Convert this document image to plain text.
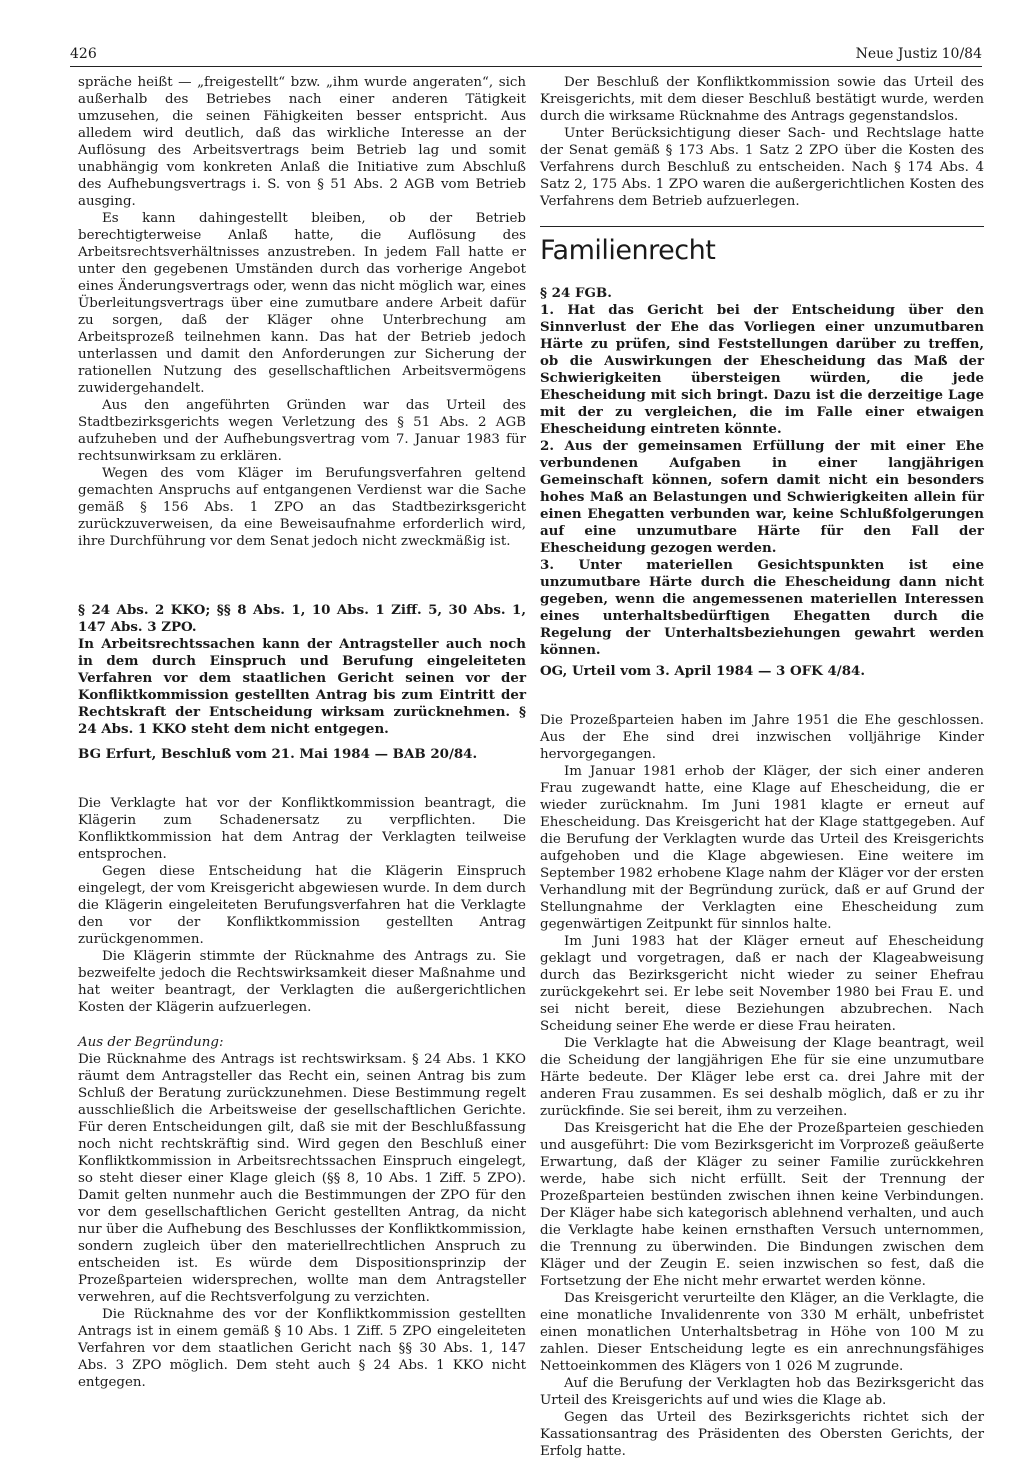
426	Neue Justiz 10/84

spräche heißt — „freigestellt“ bzw. „ihm wurde angeraten“, sich außerhalb des Betriebes nach einer anderen Tätigkeit umzusehen, die seinen Fähigkeiten besser entspricht. Aus alledem wird deutlich, daß das wirkliche Interesse an der Auflösung des Arbeitsvertrags beim Betrieb lag und somit unabhängig vom konkreten Anlaß die Initiative zum Abschluß des Aufhebungsvertrags i. S. von § 51 Abs. 2 AGB vom Betrieb ausging.

Es kann dahingestellt bleiben, ob der Betrieb berechtigterweise Anlaß hatte, die Auflösung des Arbeitsrechtsverhältnisses anzustreben. In jedem Fall hatte er unter den gegebenen Umständen durch das vorherige Angebot eines Änderungsvertrags oder, wenn das nicht möglich war, eines Überleitungsvertrags über eine zumutbare andere Arbeit dafür zu sorgen, daß der Kläger ohne Unterbrechung am Arbeitsprozeß teilnehmen kann. Das hat der Betrieb jedoch unterlassen und damit den Anforderungen zur Sicherung der rationellen Nutzung des gesellschaftlichen Arbeitsvermögens zuwidergehandelt.

Aus den angeführten Gründen war das Urteil des Stadtbezirksgerichts wegen Verletzung des § 51 Abs. 2 AGB aufzuheben und der Aufhebungsvertrag vom 7. Januar 1983 für rechtsunwirksam zu erklären.

Wegen des vom Kläger im Berufungsverfahren geltend gemachten Anspruchs auf entgangenen Verdienst war die Sache gemäß § 156 Abs. 1 ZPO an das Stadtbezirksgericht zurückzuverweisen, da eine Beweisaufnahme erforderlich wird, ihre Durchführung vor dem Senat jedoch nicht zweckmäßig ist.

§ 24 Abs. 2 KKO; §§ 8 Abs. 1, 10 Abs. 1 Ziff. 5, 30 Abs. 1, 147 Abs. 3 ZPO.

In Arbeitsrechtssachen kann der Antragsteller auch noch in dem durch Einspruch und Berufung eingeleiteten Verfahren vor dem staatlichen Gericht seinen vor der Konfliktkommission gestellten Antrag bis zum Eintritt der Rechtskraft der Entscheidung wirksam zurücknehmen. § 24 Abs. 1 KKO steht dem nicht entgegen.

BG Erfurt, Beschluß vom 21. Mai 1984 — BAB 20/84.

Die Verklagte hat vor der Konfliktkommission beantragt, die Klägerin zum Schadenersatz zu verpflichten. Die Konfliktkommission hat dem Antrag der Verklagten teilweise entsprochen.

Gegen diese Entscheidung hat die Klägerin Einspruch eingelegt, der vom Kreisgericht abgewiesen wurde. In dem durch die Klägerin eingeleiteten Berufungsverfahren hat die Verklagte den vor der Konfliktkommission gestellten Antrag zurückgenommen.

Die Klägerin stimmte der Rücknahme des Antrags zu. Sie bezweifelte jedoch die Rechtswirksamkeit dieser Maßnahme und hat weiter beantragt, der Verklagten die außergerichtlichen Kosten der Klägerin aufzuerlegen.

Aus der Begründung:

Die Rücknahme des Antrags ist rechtswirksam. § 24 Abs. 1 KKO räumt dem Antragsteller das Recht ein, seinen Antrag bis zum Schluß der Beratung zurückzunehmen. Diese Bestimmung regelt ausschließlich die Arbeitsweise der gesellschaftlichen Gerichte. Für deren Entscheidungen gilt, daß sie mit der Beschlußfassung noch nicht rechtskräftig sind. Wird gegen den Beschluß einer Konfliktkommission in Arbeitsrechtssachen Einspruch eingelegt, so steht dieser einer Klage gleich (§§ 8, 10 Abs. 1 Ziff. 5 ZPO). Damit gelten nunmehr auch die Bestimmungen der ZPO für den vor dem gesellschaftlichen Gericht gestellten Antrag, da nicht nur über die Aufhebung des Beschlusses der Konfliktkommission, sondern zugleich über den materiellrechtlichen Anspruch zu entscheiden ist. Es würde dem Dispositionsprinzip der Prozeßparteien widersprechen, wollte man dem Antragsteller verwehren, auf die Rechtsverfolgung zu verzichten.

Die Rücknahme des vor der Konfliktkommission gestellten Antrags ist in einem gemäß § 10 Abs. 1 Ziff. 5 ZPO eingeleiteten Verfahren vor dem staatlichen Gericht nach §§ 30 Abs. 1, 147 Abs. 3 ZPO möglich. Dem steht auch § 24 Abs. 1 KKO nicht entgegen.

Der Beschluß der Konfliktkommission sowie das Urteil des Kreisgerichts, mit dem dieser Beschluß bestätigt wurde, werden durch die wirksame Rücknahme des Antrags gegenstandslos.

Unter Berücksichtigung dieser Sach- und Rechtslage hatte der Senat gemäß § 173 Abs. 1 Satz 2 ZPO über die Kosten des Verfahrens durch Beschluß zu entscheiden. Nach § 174 Abs. 4 Satz 2, 175 Abs. 1 ZPO waren die außergerichtlichen Kosten des Verfahrens dem Betrieb aufzuerlegen.

Familienrecht

§ 24 FGB.

1. Hat das Gericht bei der Entscheidung über den Sinnverlust der Ehe das Vorliegen einer unzumutbaren Härte zu prüfen, sind Feststellungen darüber zu treffen, ob die Auswirkungen der Ehescheidung das Maß der Schwierigkeiten übersteigen würden, die jede Ehescheidung mit sich bringt. Dazu ist die derzeitige Lage mit der zu vergleichen, die im Falle einer etwaigen Ehescheidung eintreten könnte.

2. Aus der gemeinsamen Erfüllung der mit einer Ehe verbundenen Aufgaben in einer langjährigen Gemeinschaft können, sofern damit nicht ein besonders hohes Maß an Belastungen und Schwierigkeiten allein für einen Ehegatten verbunden war, keine Schlußfolgerungen auf eine unzumutbare Härte für den Fall der Ehescheidung gezogen werden.

3. Unter materiellen Gesichtspunkten ist eine unzumutbare Härte durch die Ehescheidung dann nicht gegeben, wenn die angemessenen materiellen Interessen eines unterhaltsbedürftigen Ehegatten durch die Regelung der Unterhaltsbeziehungen gewahrt werden können.

OG, Urteil vom 3. April 1984 — 3 OFK 4/84.

Die Prozeßparteien haben im Jahre 1951 die Ehe geschlossen. Aus der Ehe sind drei inzwischen volljährige Kinder hervorgegangen.

Im Januar 1981 erhob der Kläger, der sich einer anderen Frau zugewandt hatte, eine Klage auf Ehescheidung, die er wieder zurücknahm. Im Juni 1981 klagte er erneut auf Ehescheidung. Das Kreisgericht hat der Klage stattgegeben. Auf die Berufung der Verklagten wurde das Urteil des Kreisgerichts aufgehoben und die Klage abgewiesen. Eine weitere im September 1982 erhobene Klage nahm der Kläger vor der ersten Verhandlung mit der Begründung zurück, daß er auf Grund der Stellungnahme der Verklagten eine Ehescheidung zum gegenwärtigen Zeitpunkt für sinnlos halte.

Im Juni 1983 hat der Kläger erneut auf Ehescheidung geklagt und vorgetragen, daß er nach der Klageabweisung durch das Bezirksgericht nicht wieder zu seiner Ehefrau zurückgekehrt sei. Er lebe seit November 1980 bei Frau E. und sei nicht bereit, diese Beziehungen abzubrechen. Nach Scheidung seiner Ehe werde er diese Frau heiraten.

Die Verklagte hat die Abweisung der Klage beantragt, weil die Scheidung der langjährigen Ehe für sie eine unzumutbare Härte bedeute. Der Kläger lebe erst ca. drei Jahre mit der anderen Frau zusammen. Es sei deshalb möglich, daß er zu ihr zurückfinde. Sie sei bereit, ihm zu verzeihen.

Das Kreisgericht hat die Ehe der Prozeßparteien geschieden und ausgeführt: Die vom Bezirksgericht im Vorprozeß geäußerte Erwartung, daß der Kläger zu seiner Familie zurückkehren werde, habe sich nicht erfüllt. Seit der Trennung der Prozeßparteien bestünden zwischen ihnen keine Verbindungen. Der Kläger habe sich kategorisch ablehnend verhalten, und auch die Verklagte habe keinen ernsthaften Versuch unternommen, die Trennung zu überwinden. Die Bindungen zwischen dem Kläger und der Zeugin E. seien inzwischen so fest, daß die Fortsetzung der Ehe nicht mehr erwartet werden könne.

Das Kreisgericht verurteilte den Kläger, an die Verklagte, die eine monatliche Invalidenrente von 330 M erhält, unbefristet einen monatlichen Unterhaltsbetrag in Höhe von 100 M zu zahlen. Dieser Entscheidung legte es ein anrechnungsfähiges Nettoeinkommen des Klägers von 1 026 M zugrunde.

Auf die Berufung der Verklagten hob das Bezirksgericht das Urteil des Kreisgerichts auf und wies die Klage ab.

Gegen das Urteil des Bezirksgerichts richtet sich der Kassationsantrag des Präsidenten des Obersten Gerichts, der Erfolg hatte.
